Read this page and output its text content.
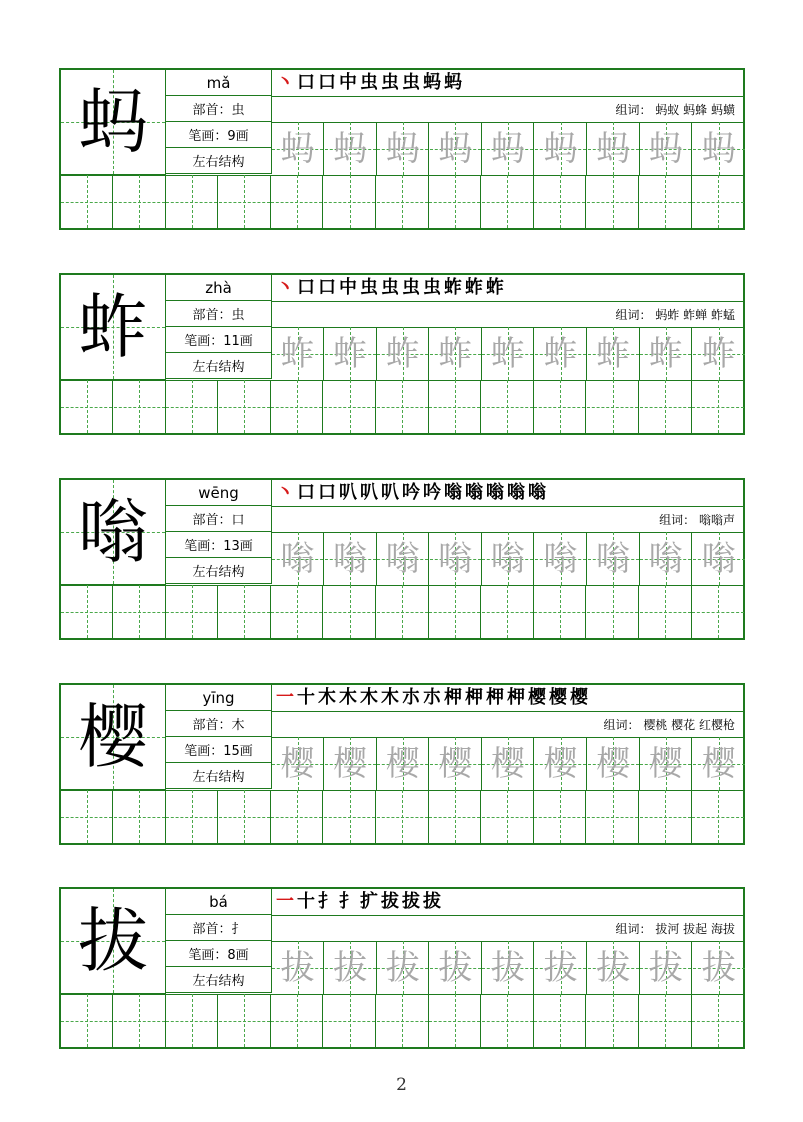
蚂	mǎ
部首：虫
笔画：9画
左右结构
丶 口 口 中 虫 虫 虫 蚂 蚂
组词： 蚂蚁 蚂蜂 蚂蟥
蚂 蚂 蚂 蚂 蚂 蚂 蚂 蚂 蚂
蚱	zhà
部首：虫
笔画：11画
左右结构
丶 口 口 中 虫 虫 虫 虫 蚱 蚱 蚱
组词： 蚂蚱 蚱蝉 蚱蜢
蚱 蚱 蚱 蚱 蚱 蚱 蚱 蚱 蚱
嗡	wēng
部首：口
笔画：13画
左右结构
丶 口 口 叭 叭 叭 吟 吟 嗡 嗡 嗡 嗡 嗡
组词： 嗡嗡声
嗡 嗡 嗡 嗡 嗡 嗡 嗡 嗡 嗡
樱	yīng
部首：木
笔画：15画
左右结构
一 十 木 木 木 木 朩 朩 柙 柙 柙 柙 樱 樱 樱
组词： 樱桃 樱花 红樱枪
樱 樱 樱 樱 樱 樱 樱 樱 樱
拔	bá
部首：扌
笔画：8画
左右结构
一 十 扌 扌 扩 拔 拔 拔
组词： 拔河 拔起 海拔
拔 拔 拔 拔 拔 拔 拔 拔 拔
2
